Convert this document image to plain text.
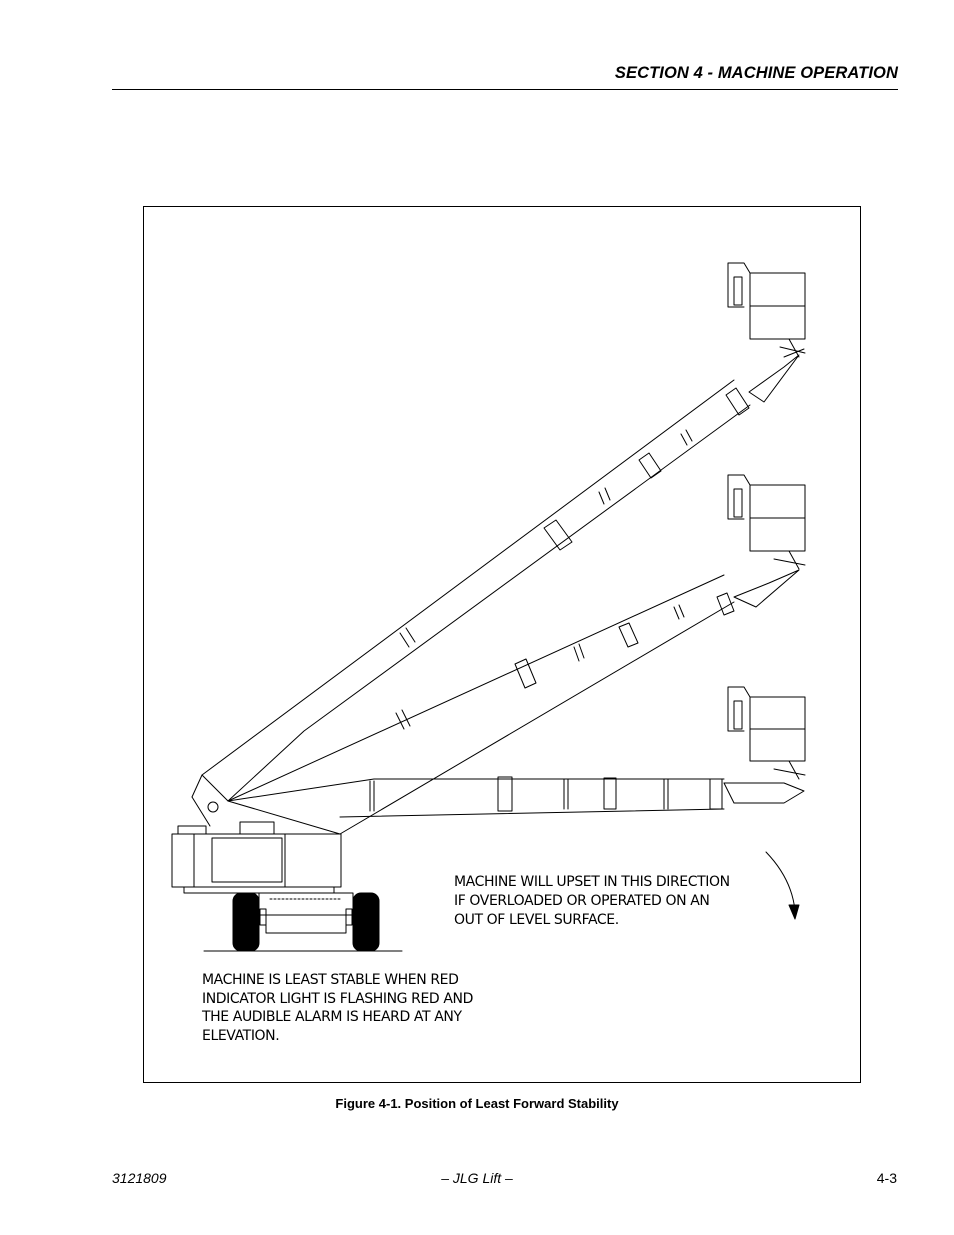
SECTION 4 - MACHINE OPERATION
MACHINE WILL UPSET IN THIS DIRECTION
IF OVERLOADED OR OPERATED ON AN
OUT OF LEVEL SURFACE.
MACHINE IS LEAST STABLE WHEN RED
INDICATOR LIGHT IS FLASHING RED AND
THE AUDIBLE ALARM IS HEARD AT ANY
ELEVATION.
Figure 4-1. Position of Least Forward Stability
3121809	– JLG Lift –	4-3
